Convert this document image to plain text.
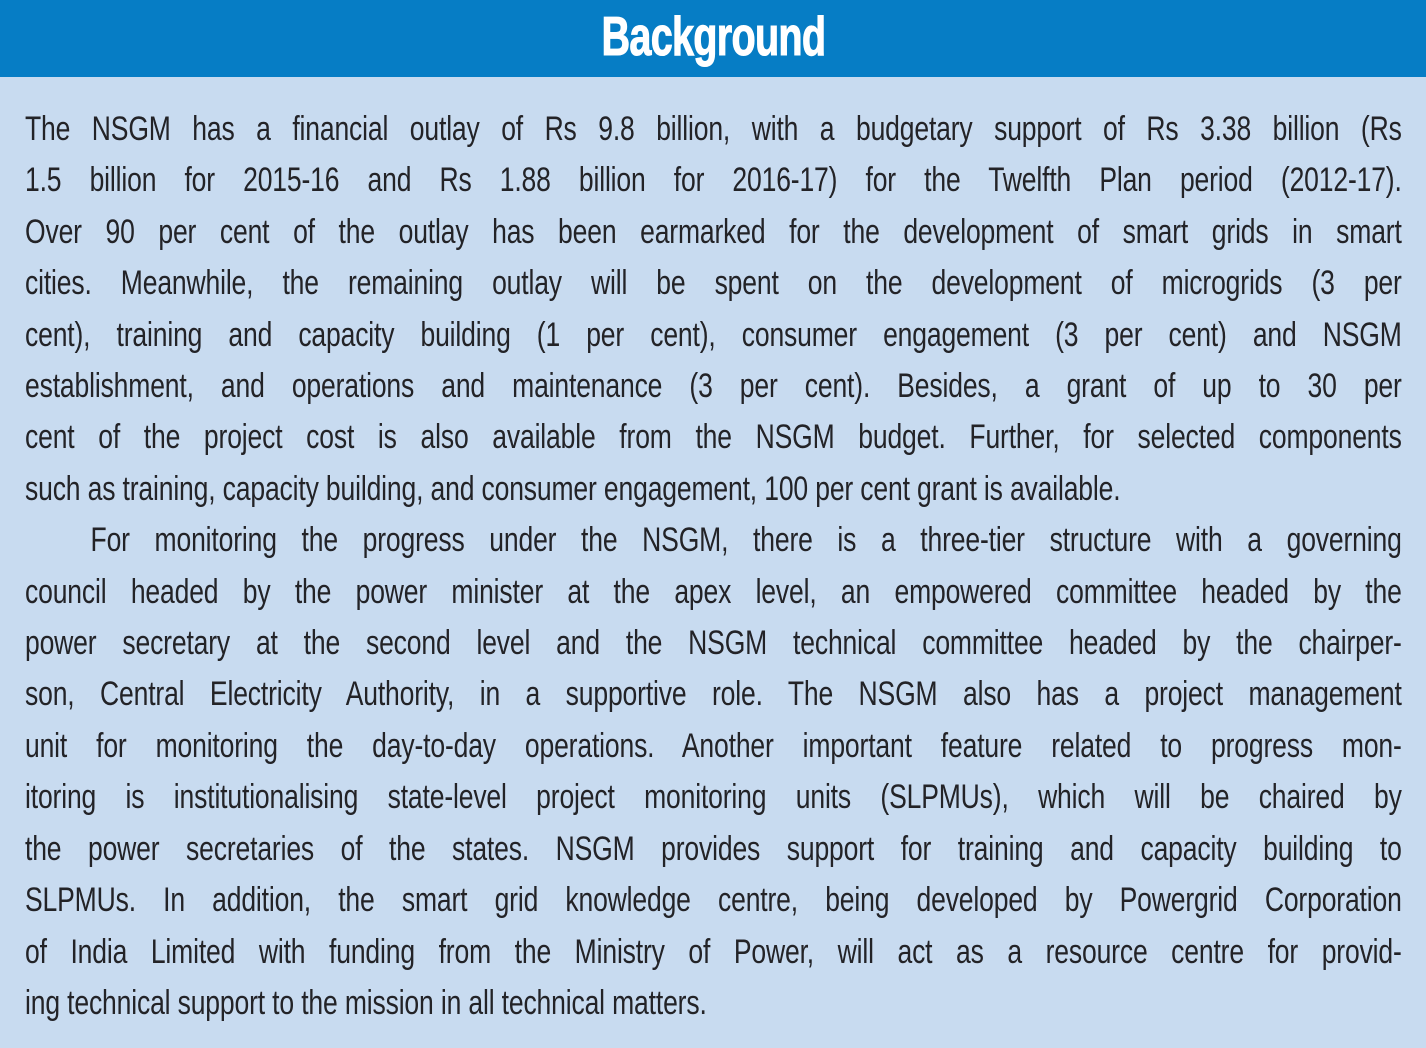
Background
The NSGM has a financial outlay of Rs 9.8 billion, with a budgetary support of Rs 3.38 billion (Rs
1.5 billion for 2015-16 and Rs 1.88 billion for 2016-17) for the Twelfth Plan period (2012-17).
Over 90 per cent of the outlay has been earmarked for the development of smart grids in smart
cities. Meanwhile, the remaining outlay will be spent on the development of microgrids (3 per
cent), training and capacity building (1 per cent), consumer engagement (3 per cent) and NSGM
establishment, and operations and maintenance (3 per cent). Besides, a grant of up to 30 per
cent of the project cost is also available from the NSGM budget. Further, for selected components
such as training, capacity building, and consumer engagement, 100 per cent grant is available.
For monitoring the progress under the NSGM, there is a three-tier structure with a governing
council headed by the power minister at the apex level, an empowered committee headed by the
power secretary at the second level and the NSGM technical committee headed by the chairper-
son, Central Electricity Authority, in a supportive role. The NSGM also has a project management
unit for monitoring the day-to-day operations. Another important feature related to progress mon-
itoring is institutionalising state-level project monitoring units (SLPMUs), which will be chaired by
the power secretaries of the states. NSGM provides support for training and capacity building to
SLPMUs. In addition, the smart grid knowledge centre, being developed by Powergrid Corporation
of India Limited with funding from the Ministry of Power, will act as a resource centre for provid-
ing technical support to the mission in all technical matters.
